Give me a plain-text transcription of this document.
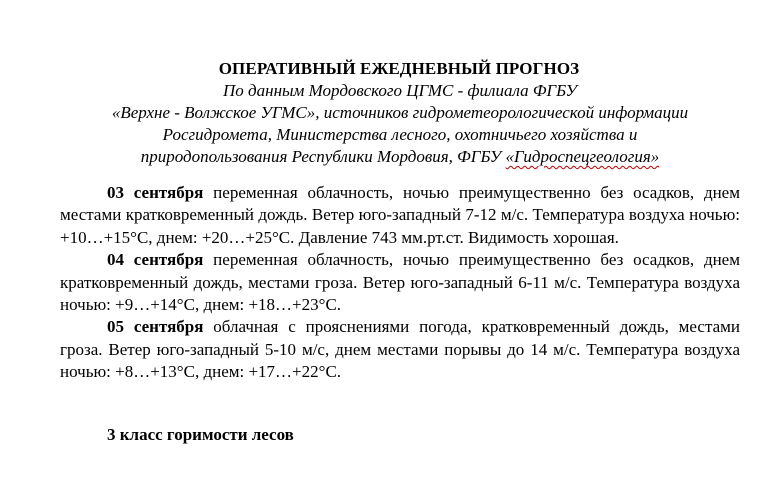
ОПЕРАТИВНЫЙ ЕЖЕДНЕВНЫЙ ПРОГНОЗ
По данным Мордовского ЦГМС - филиала ФГБУ
«Верхне - Волжское УГМС», источников гидрометеорологической информации
Росгидромета, Министерства лесного, охотничьего хозяйства и
природопользования Республики Мордовия, ФГБУ «Гидроспецгеология»

03 сентября переменная облачность, ночью преимущественно без осадков, днем местами кратковременный дождь. Ветер юго-западный 7-12 м/с. Температура воздуха ночью: +10…+15°С, днем: +20…+25°С. Давление 743 мм.рт.ст. Видимость хорошая.

04 сентября переменная облачность, ночью преимущественно без осадков, днем кратковременный дождь, местами гроза. Ветер юго-западный 6-11 м/с. Температура воздуха ночью: +9…+14°С, днем: +18…+23°С.

05 сентября облачная с прояснениями погода, кратковременный дождь, местами гроза. Ветер юго-западный 5-10 м/с, днем местами порывы до 14 м/с. Температура воздуха ночью: +8…+13°С, днем: +17…+22°С.

3 класс горимости лесов
